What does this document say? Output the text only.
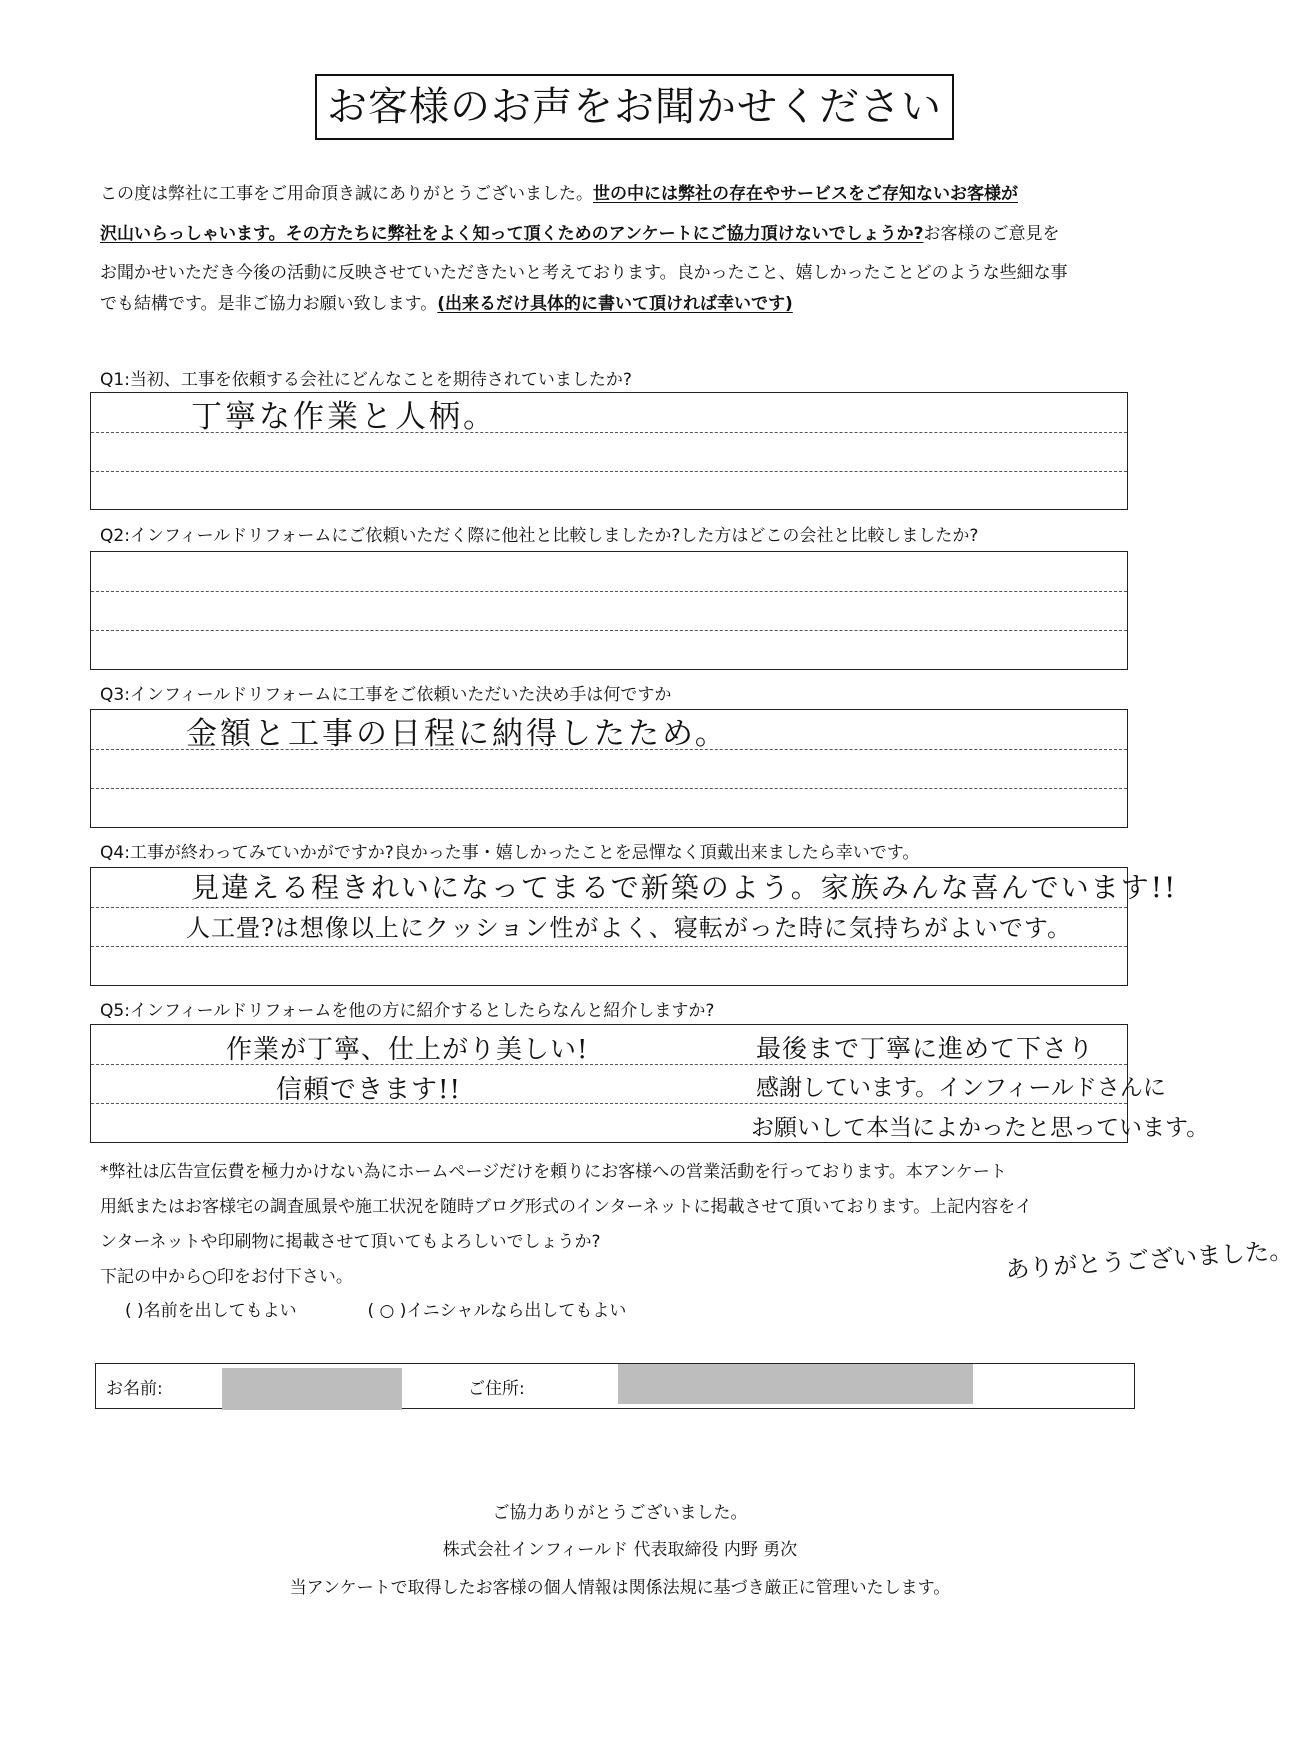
お客様のお声をお聞かせください
この度は弊社に工事をご用命頂き誠にありがとうございました。世の中には弊社の存在やサービスをご存知ないお客様が
沢山いらっしゃいます。その方たちに弊社をよく知って頂くためのアンケートにご協力頂けないでしょうか?お客様のご意見を
お聞かせいただき今後の活動に反映させていただきたいと考えております。良かったこと、嬉しかったことどのような些細な事
でも結構です。是非ご協力お願い致します。(出来るだけ具体的に書いて頂ければ幸いです)
Q1:当初、工事を依頼する会社にどんなことを期待されていましたか?
丁寧な作業と人柄。
Q2:インフィールドリフォームにご依頼いただく際に他社と比較しましたか?した方はどこの会社と比較しましたか?
Q3:インフィールドリフォームに工事をご依頼いただいた決め手は何ですか
金額と工事の日程に納得したため。
Q4:工事が終わってみていかがですか?良かった事・嬉しかったことを忌憚なく頂戴出来ましたら幸いです。
見違える程きれいになってまるで新築のよう。家族みんな喜んでいます!!
人工畳?は想像以上にクッション性がよく、寝転がった時に気持ちがよいです。
Q5:インフィールドリフォームを他の方に紹介するとしたらなんと紹介しますか?
作業が丁寧、仕上がり美しい!
信頼できます!!
最後まで丁寧に進めて下さり
感謝しています。インフィールドさんに
お願いして本当によかったと思っています。
*弊社は広告宣伝費を極力かけない為にホームページだけを頼りにお客様への営業活動を行っております。本アンケート
用紙またはお客様宅の調査風景や施工状況を随時ブログ形式のインターネットに掲載させて頂いております。上記内容をイ
ンターネットや印刷物に掲載させて頂いてもよろしいでしょうか?
下記の中から○印をお付下さい。
( )名前を出してもよい	( ○ )イニシャルなら出してもよい
ありがとうございました。
お名前:	ご住所:
ご協力ありがとうございました。
株式会社インフィールド 代表取締役 内野 勇次
当アンケートで取得したお客様の個人情報は関係法規に基づき厳正に管理いたします。
